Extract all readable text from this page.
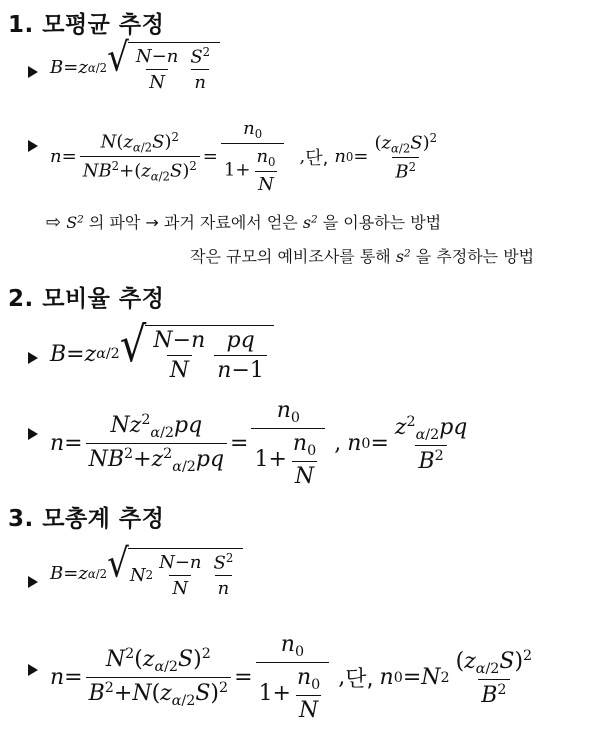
1. 모평균 추정
B = z α/2 √ $\frac{N-n}{N} \frac{S^2}{n}$
$n = \frac{N(z_{\alpha/2}S)^2}{NB^2+(z_{\alpha/2}S)^2} = \frac{n_0}{1+ \frac{n_0}{N}}$ , 단, n $0 = \frac{(z_{\alpha/2}S)^2}{B^2}$
⇨ $S^2$ 의 파악 → 과거 자료에서 얻은 $s^2$ 을 이용하는 방법
작은 규모의 예비조사를 통해 $s^2$ 을 추정하는 방법
2. 모비율 추정
B = z α/2 √ $\frac{N-n}{N} \frac{pq}{n-1}$
$n = \frac{Nz^2_{\alpha/2}pq}{NB^2+z^2_{\alpha/2}pq} = \frac{n_0}{1+ \frac{n_0}{N}}$ , n $0 = \frac{z^2_{\alpha/2}pq}{B^2}$
3. 모총계 추정
B = z α/2 √ N $2 \frac{N-n}{N} \frac{S^2}{n}$
$n = \frac{N^2(z_{\alpha/2}S)^2}{B^2+N(z_{\alpha/2}S)^2} = \frac{n_0}{1+ \frac{n_0}{N}}$ , 단, n 0 = N $2 \frac{(z_{\alpha/2}S)^2}{B^2}$
